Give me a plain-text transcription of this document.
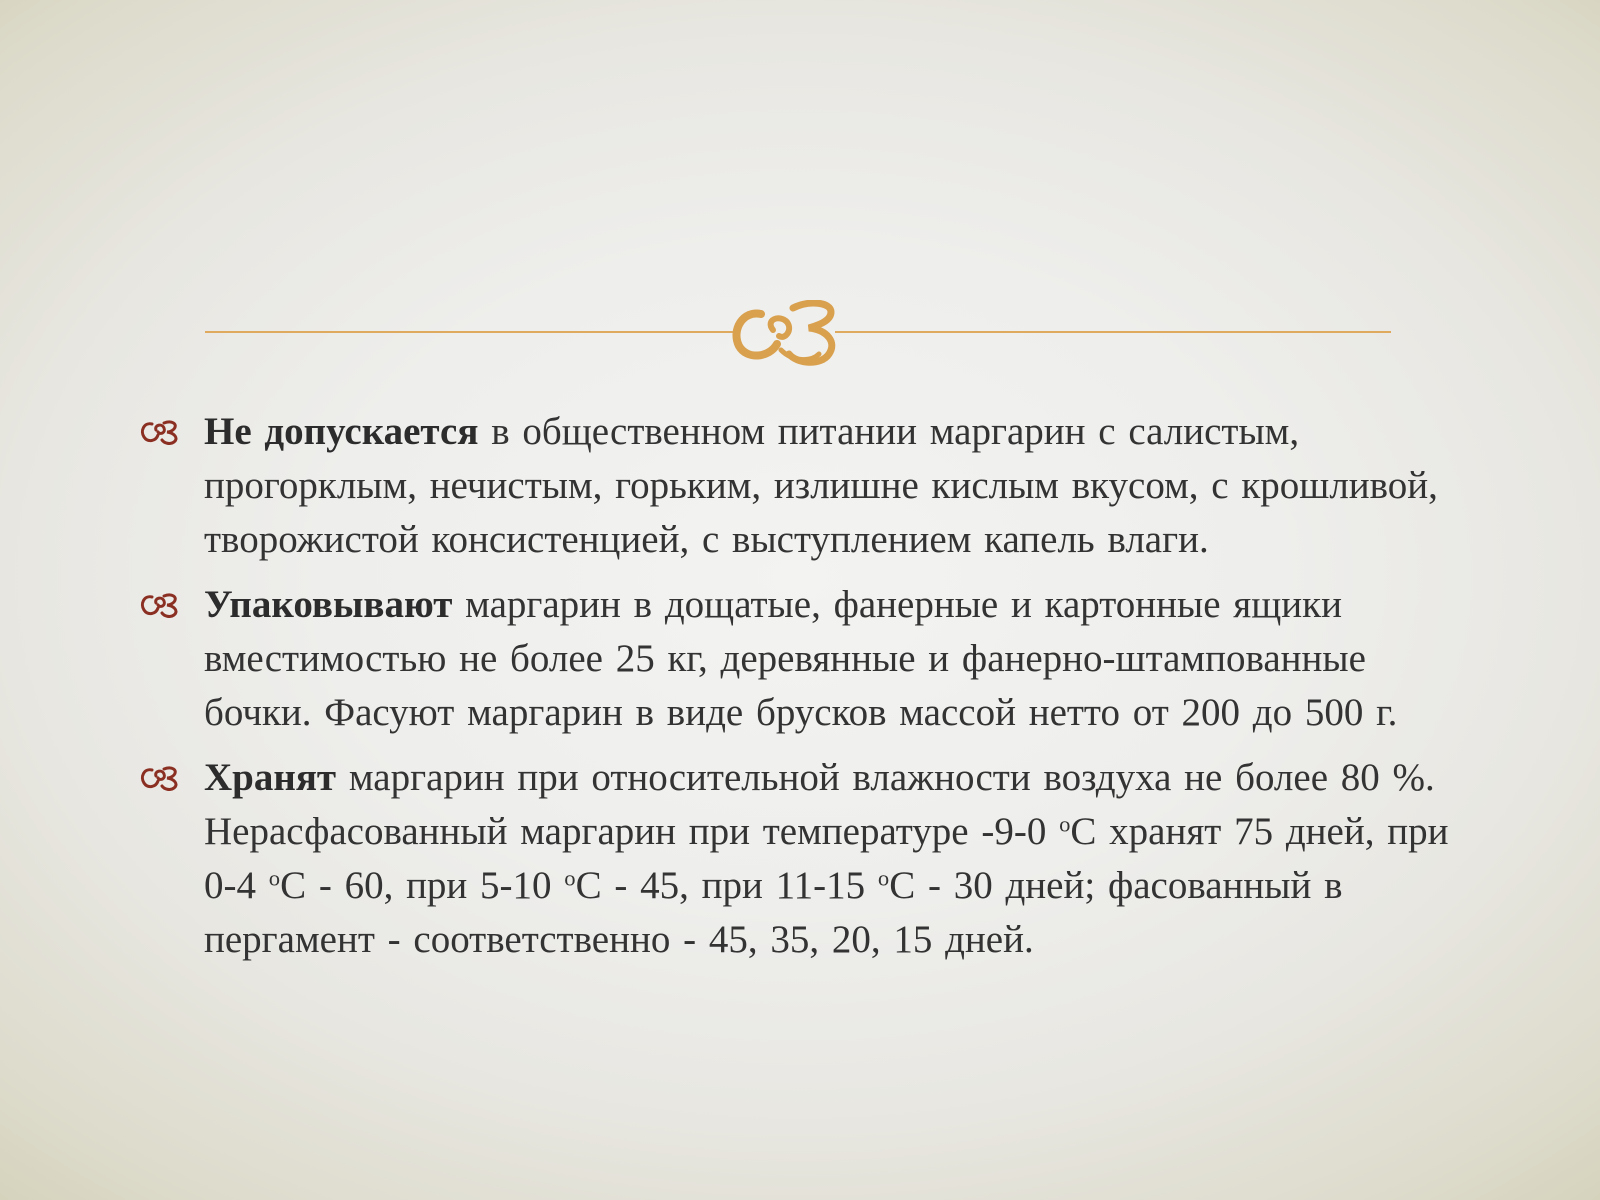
Не допускается в общественном питании маргарин с салистым, прогорклым, нечистым, горьким, излишне кислым вкусом, с крошливой, творожистой консистенцией, с выступлением капель влаги.
Упаковывают маргарин в дощатые, фанерные и картонные ящики вместимостью не более 25 кг, деревянные и фанерно-штампованные бочки. Фасуют маргарин в виде брусков массой нетто от 200 до 500 г.
Хранят маргарин при относительной влажности воздуха не более 80 %. Нерасфасованный маргарин при температуре -9-0 $^о$С хранят 75 дней, при 0-4 $^о$С - 60, при 5-10 $^о$С - 45, при 11-15 $^о$С - 30 дней; фасованный в пергамент - соответственно - 45, 35, 20, 15 дней.
